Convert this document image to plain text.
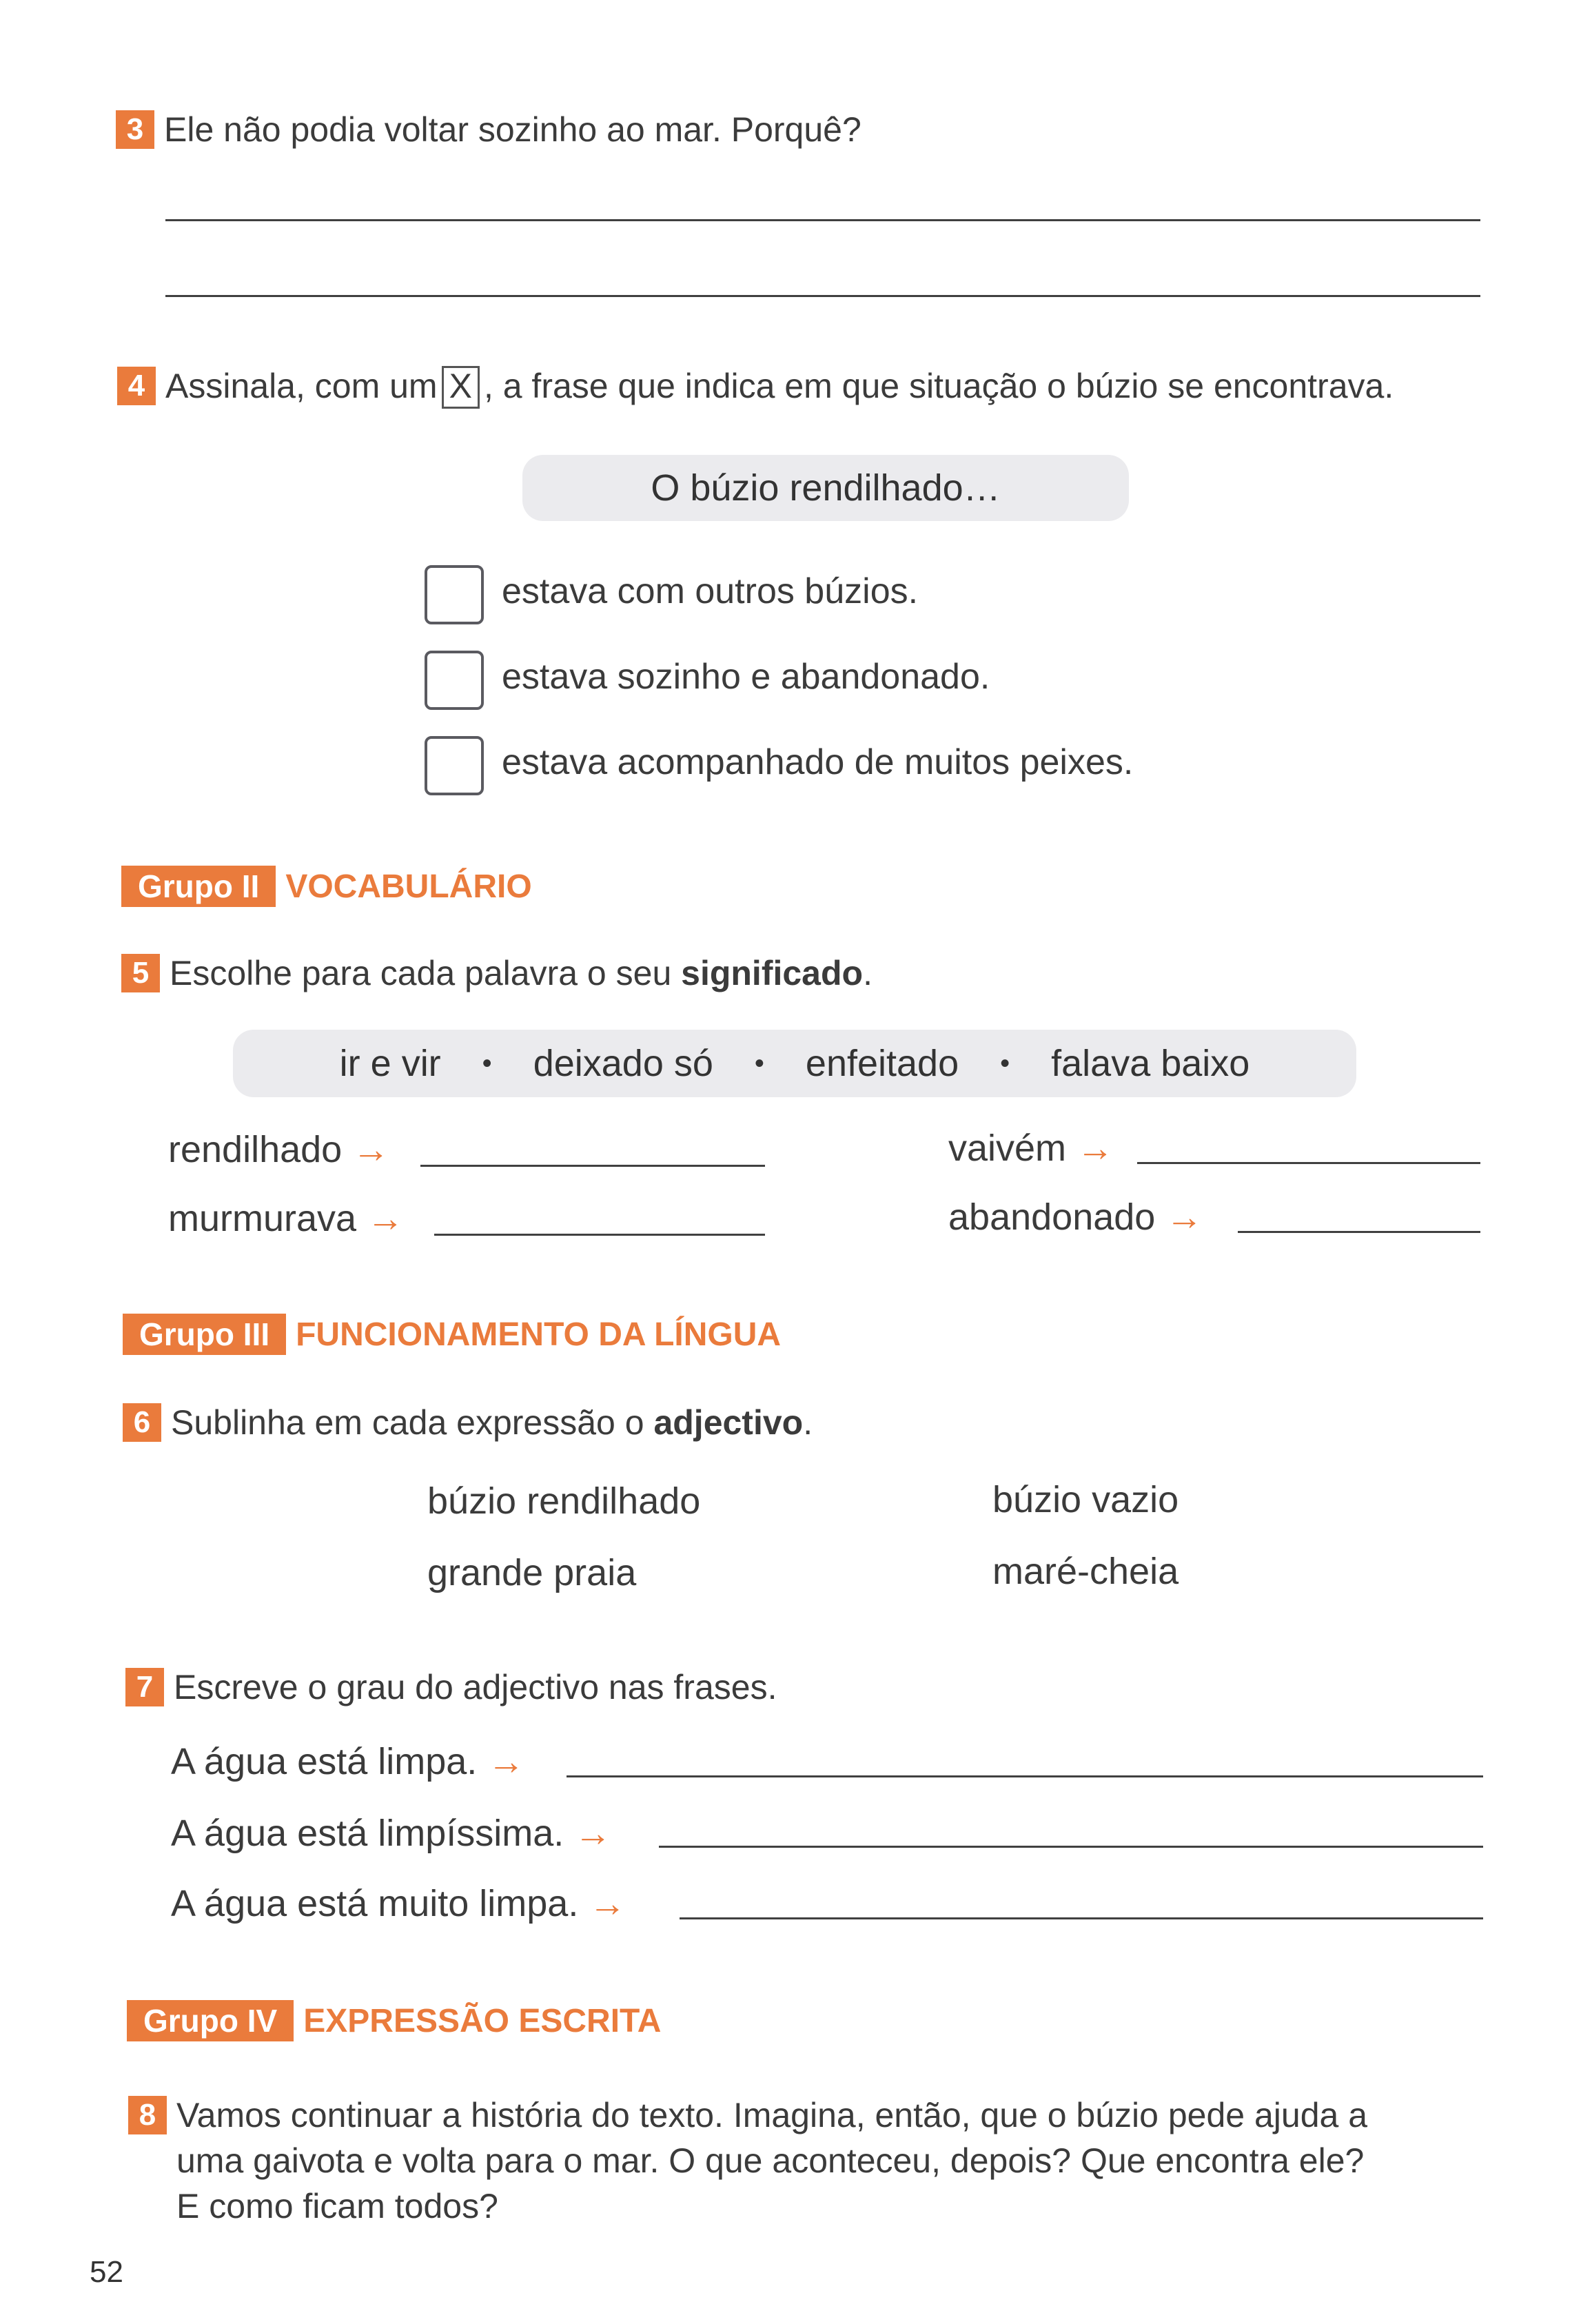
3 Ele não podia voltar sozinho ao mar. Porquê?
4 Assinala, com um X , a frase que indica em que situação o búzio se encontrava.
O búzio rendilhado…
estava com outros búzios.
estava sozinho e abandonado.
estava acompanhado de muitos peixes.
Grupo II VOCABULÁRIO
5 Escolhe para cada palavra o seu significado.
ir e vir • deixado só • enfeitado • falava baixo
rendilhado →	vaivém →
murmurava →	abandonado →
Grupo III FUNCIONAMENTO DA LÍNGUA
6 Sublinha em cada expressão o adjectivo.
búzio rendilhado	búzio vazio
grande praia	maré-cheia
7 Escreve o grau do adjectivo nas frases.
A água está limpa. →
A água está limpíssima. →
A água está muito limpa. →
Grupo IV EXPRESSÃO ESCRITA
8 Vamos continuar a história do texto. Imagina, então, que o búzio pede ajuda a
uma gaivota e volta para o mar. O que aconteceu, depois? Que encontra ele?
E como ficam todos?
52
